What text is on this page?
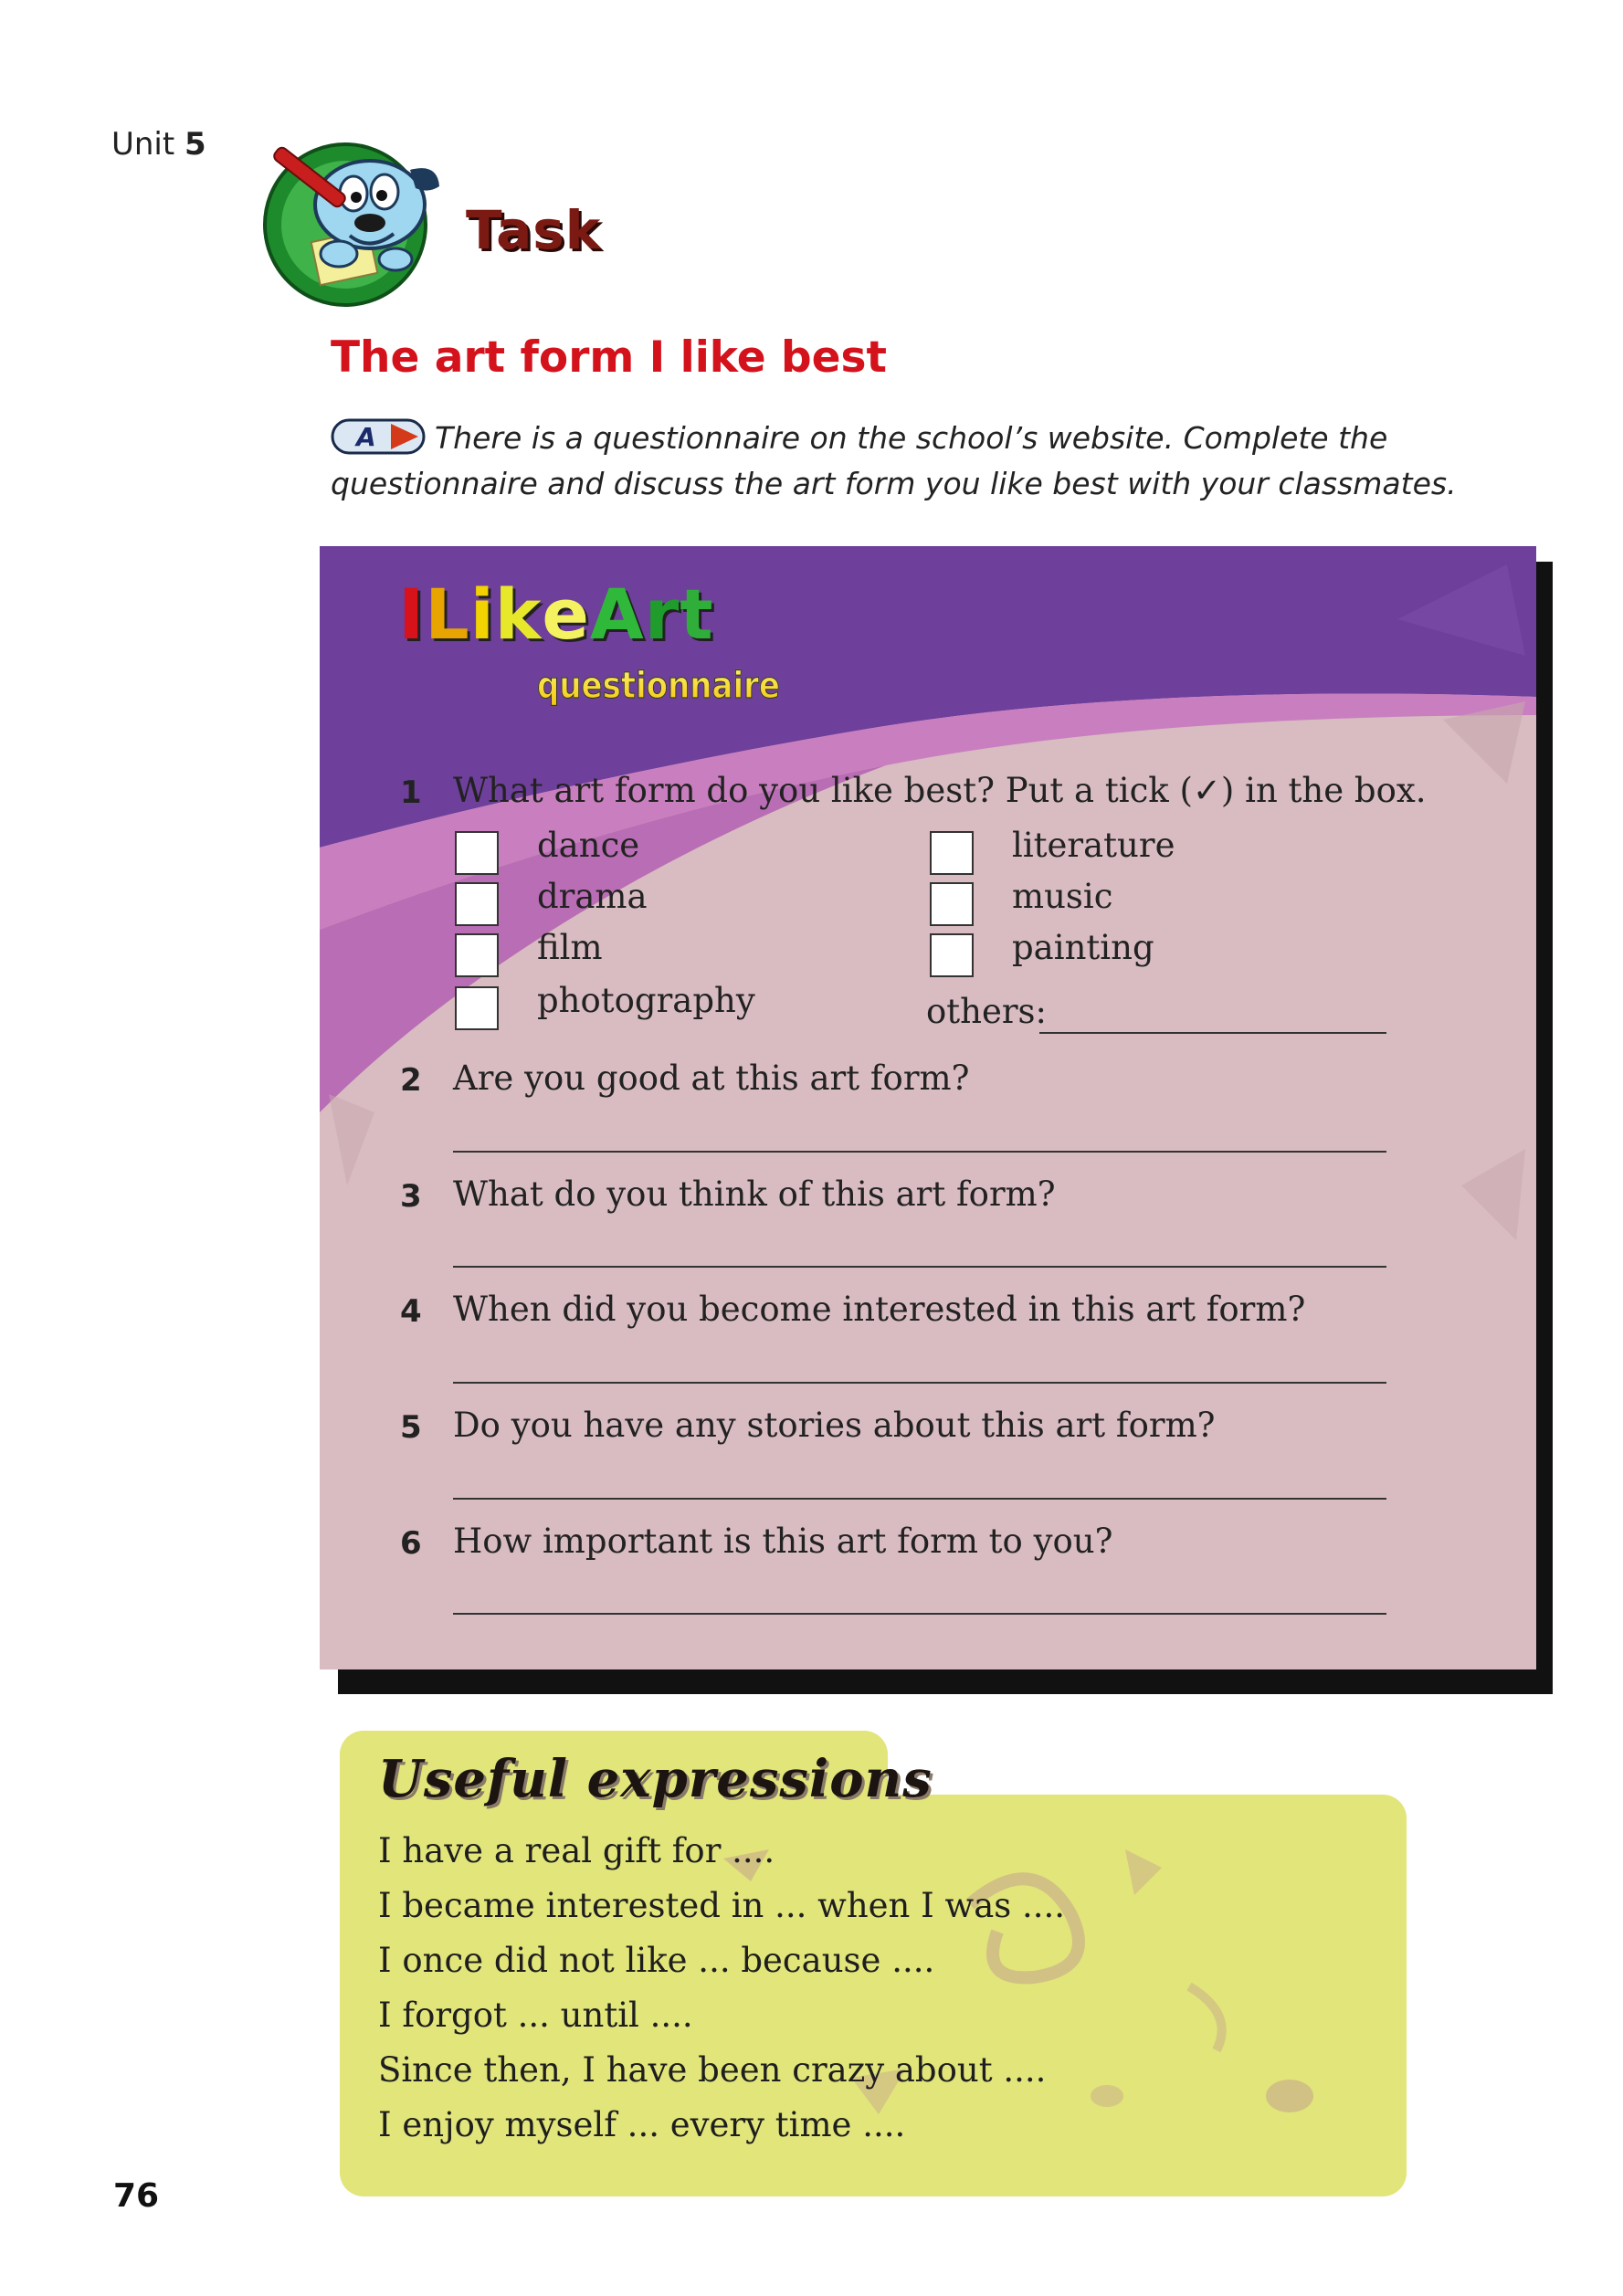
Unit 5
Task
The art form I like best
A There is a questionnaire on the school’s website. Complete the questionnaire and discuss the art form you like best with your classmates.
ILikeArt
questionnaire
1 What art form do you like best? Put a tick (✓) in the box.
dance
drama
film
photography
literature
music
painting
others:
2 Are you good at this art form?
3 What do you think of this art form?
4 When did you become interested in this art form?
5 Do you have any stories about this art form?
6 How important is this art form to you?
Useful expressions
I have a real gift for ....
I became interested in ... when I was ....
I once did not like ... because ....
I forgot ... until ....
Since then, I have been crazy about ....
I enjoy myself ... every time ....
76
